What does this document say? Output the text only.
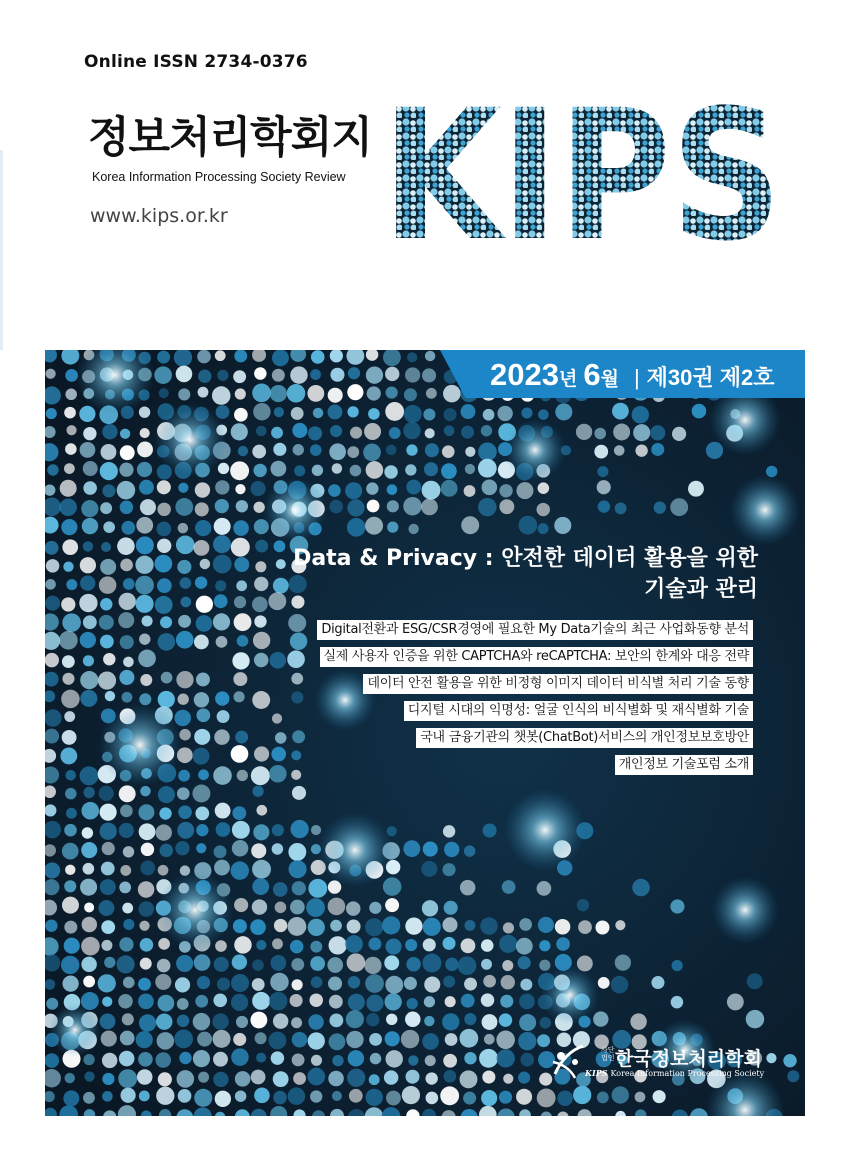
Online ISSN 2734-0376
정보처리학회지
Korea Information Processing Society Review
www.kips.or.kr
2023 년 6 월 | 제30권 제2호
Data & Privacy : 안전한 데이터 활용을 위한
기술과 관리
Digital전환과 ESG/CSR경영에 필요한 My Data기술의 최근 사업화동향 분석
실제 사용자 인증을 위한 CAPTCHA와 reCAPTCHA: 보안의 한계와 대응 전략
데이터 안전 활용을 위한 비정형 이미지 데이터 비식별 처리 기술 동향
디지털 시대의 익명성: 얼굴 인식의 비식별화 및 재식별화 기술
국내 금융기관의 챗봇(ChatBot)서비스의 개인정보보호방안
개인정보 기술포럼 소개
사단 법인 한국정보처리학회
KIPS Korea Information Processing Society
